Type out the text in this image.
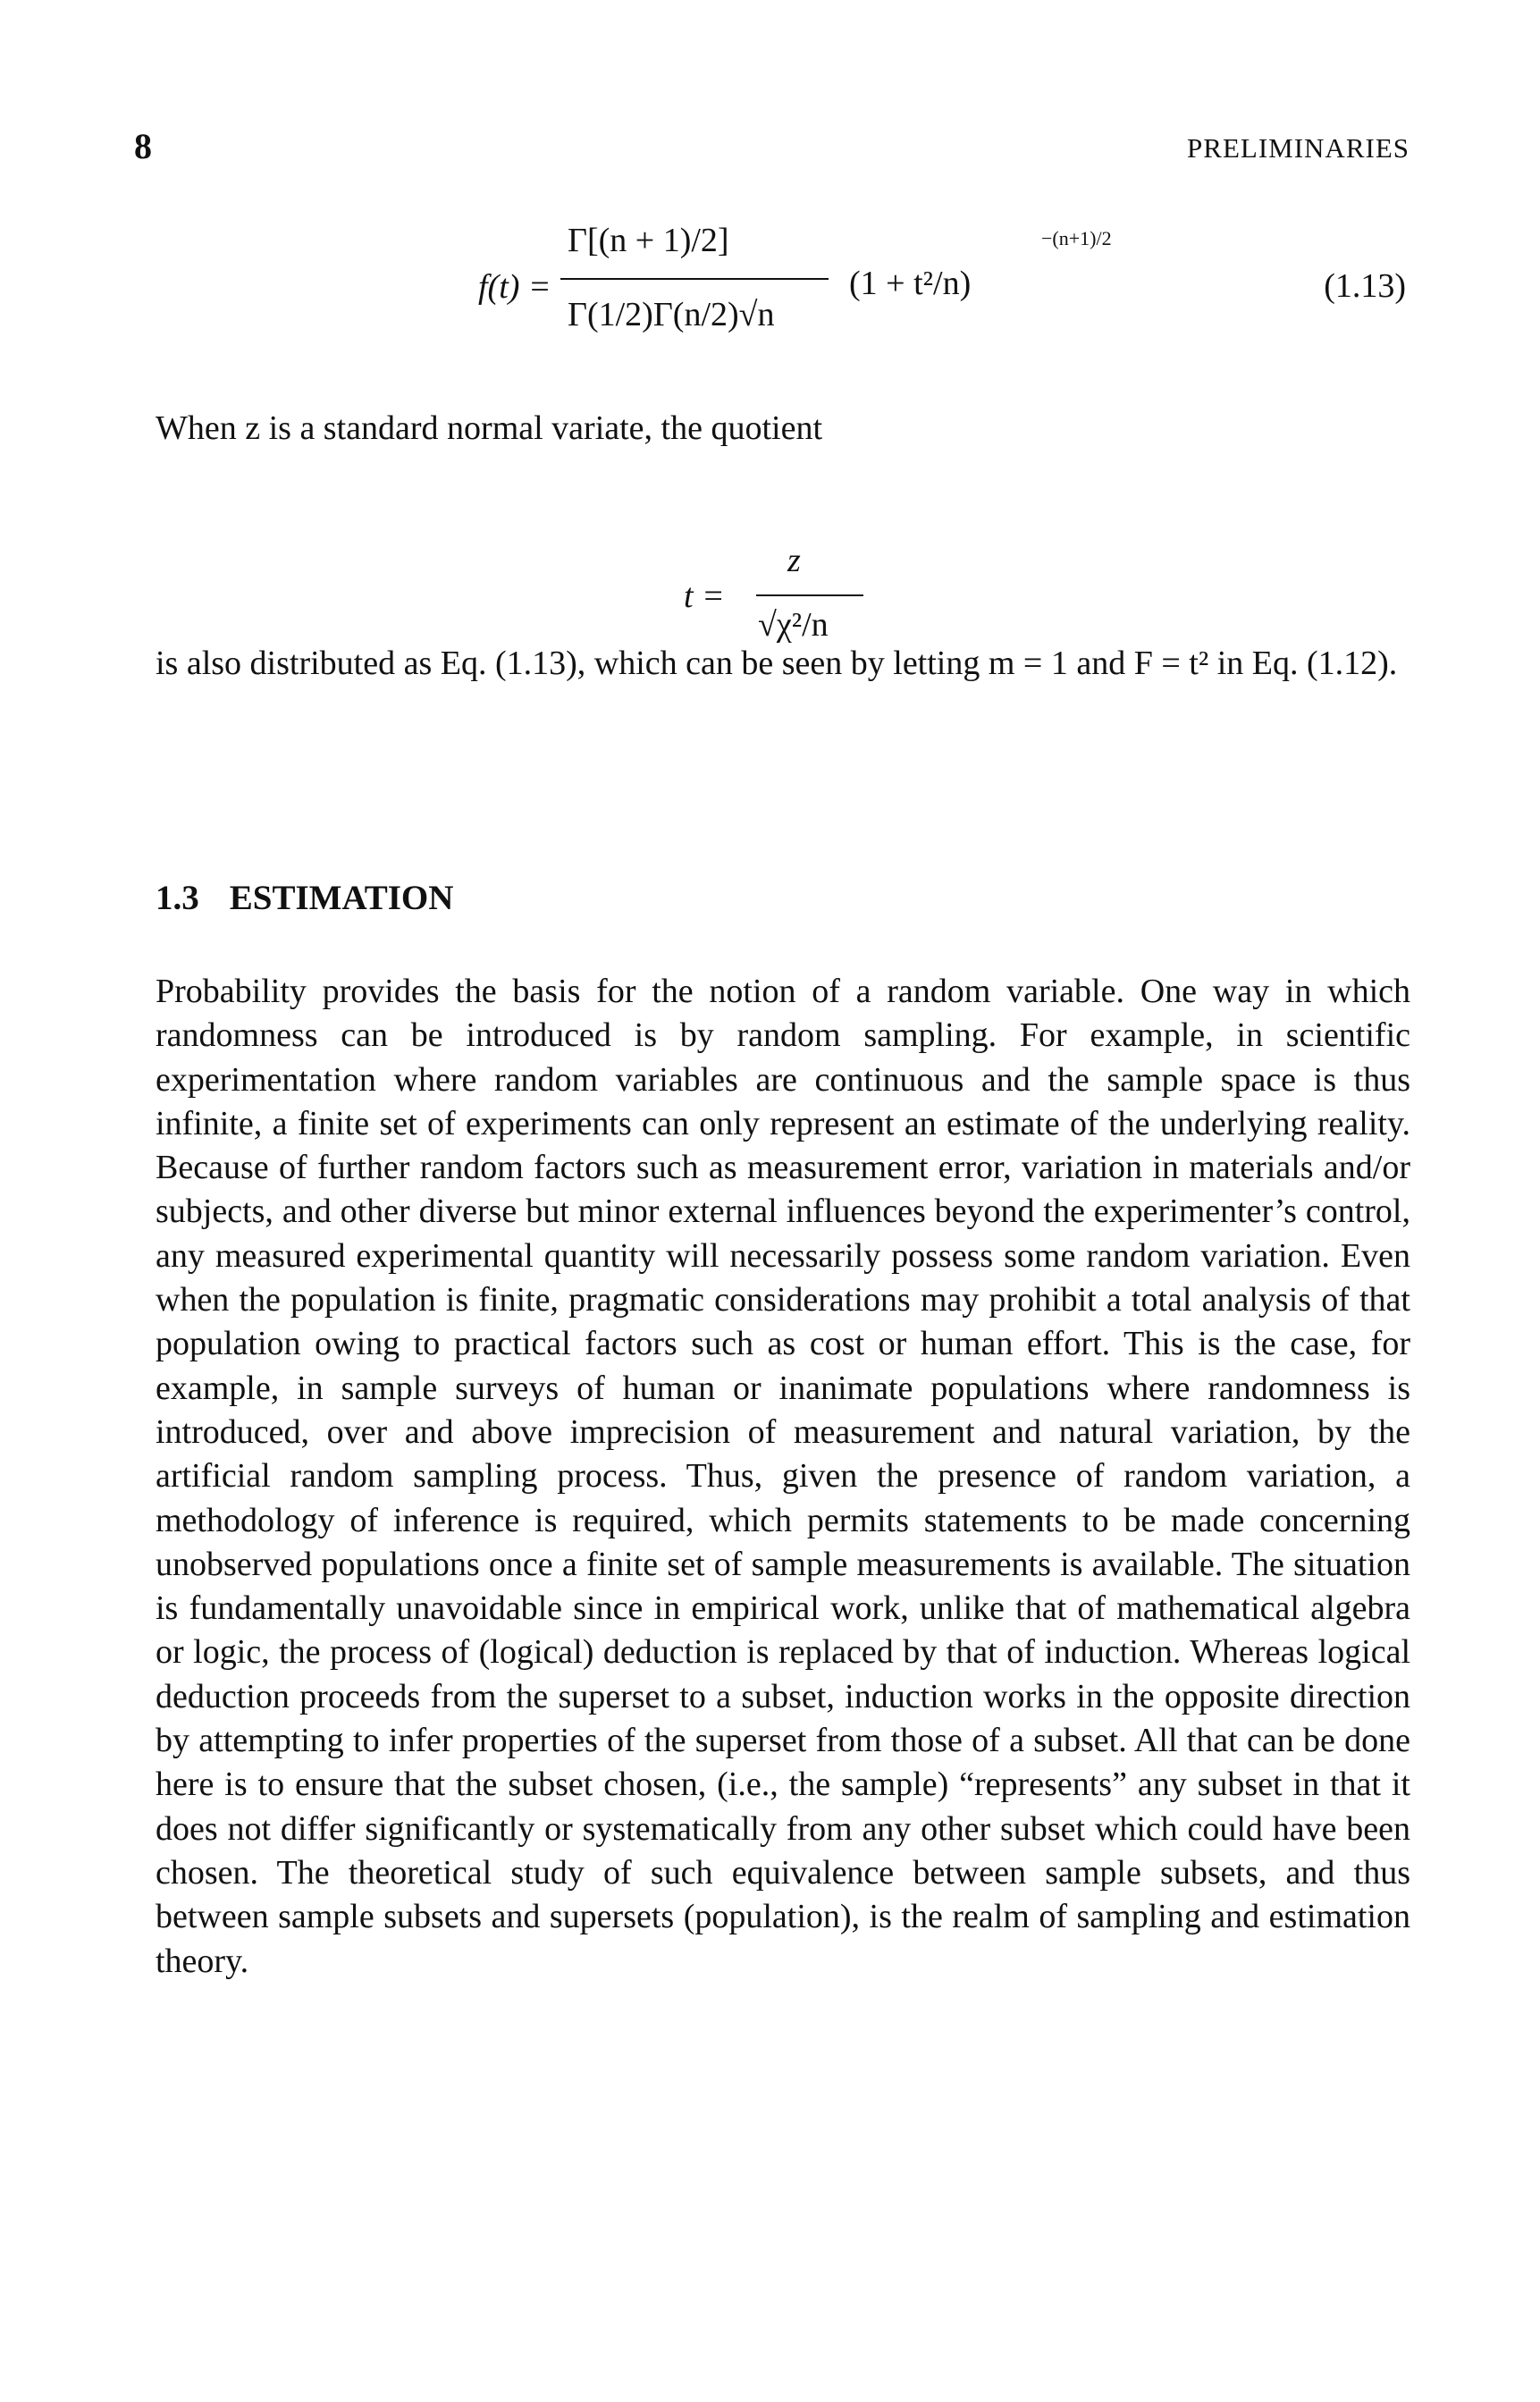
8	PRELIMINARIES
f(t) =
Γ[(n + 1)/2]
Γ(1/2)Γ(n/2)√n
(1 + t²/n)
−(n+1)/2
(1.13)

When z is a standard normal variate, the quotient

t =
z
√χ²/n

is also distributed as Eq. (1.13), which can be seen by letting m = 1 and F = t² in Eq. (1.12).

1.3 ESTIMATION

Probability provides the basis for the notion of a random variable. One way in which randomness can be introduced is by random sampling. For example, in scientific experimentation where random variables are continuous and the sample space is thus infinite, a finite set of experiments can only represent an estimate of the underlying reality. Because of further random factors such as measurement error, variation in materials and/or subjects, and other diverse but minor external influences beyond the experimenter’s control, any measured experimental quantity will necessarily possess some random variation. Even when the population is finite, pragmatic considerations may prohibit a total analysis of that population owing to practical factors such as cost or human effort. This is the case, for example, in sample surveys of human or inanimate populations where randomness is introduced, over and above imprecision of measurement and natural variation, by the artificial random sampling process. Thus, given the presence of random variation, a methodology of inference is required, which permits statements to be made concerning unobserved populations once a finite set of sample measurements is available. The situation is fundamentally unavoidable since in empirical work, unlike that of mathematical algebra or logic, the process of (logical) deduction is replaced by that of induction. Whereas logical deduction proceeds from the superset to a subset, induction works in the opposite direction by attempting to infer properties of the superset from those of a subset. All that can be done here is to ensure that the subset chosen, (i.e., the sample) “represents” any subset in that it does not differ significantly or systematically from any other subset which could have been chosen. The theoretical study of such equivalence between sample subsets, and thus between sample subsets and supersets (population), is the realm of sampling and estimation theory.
